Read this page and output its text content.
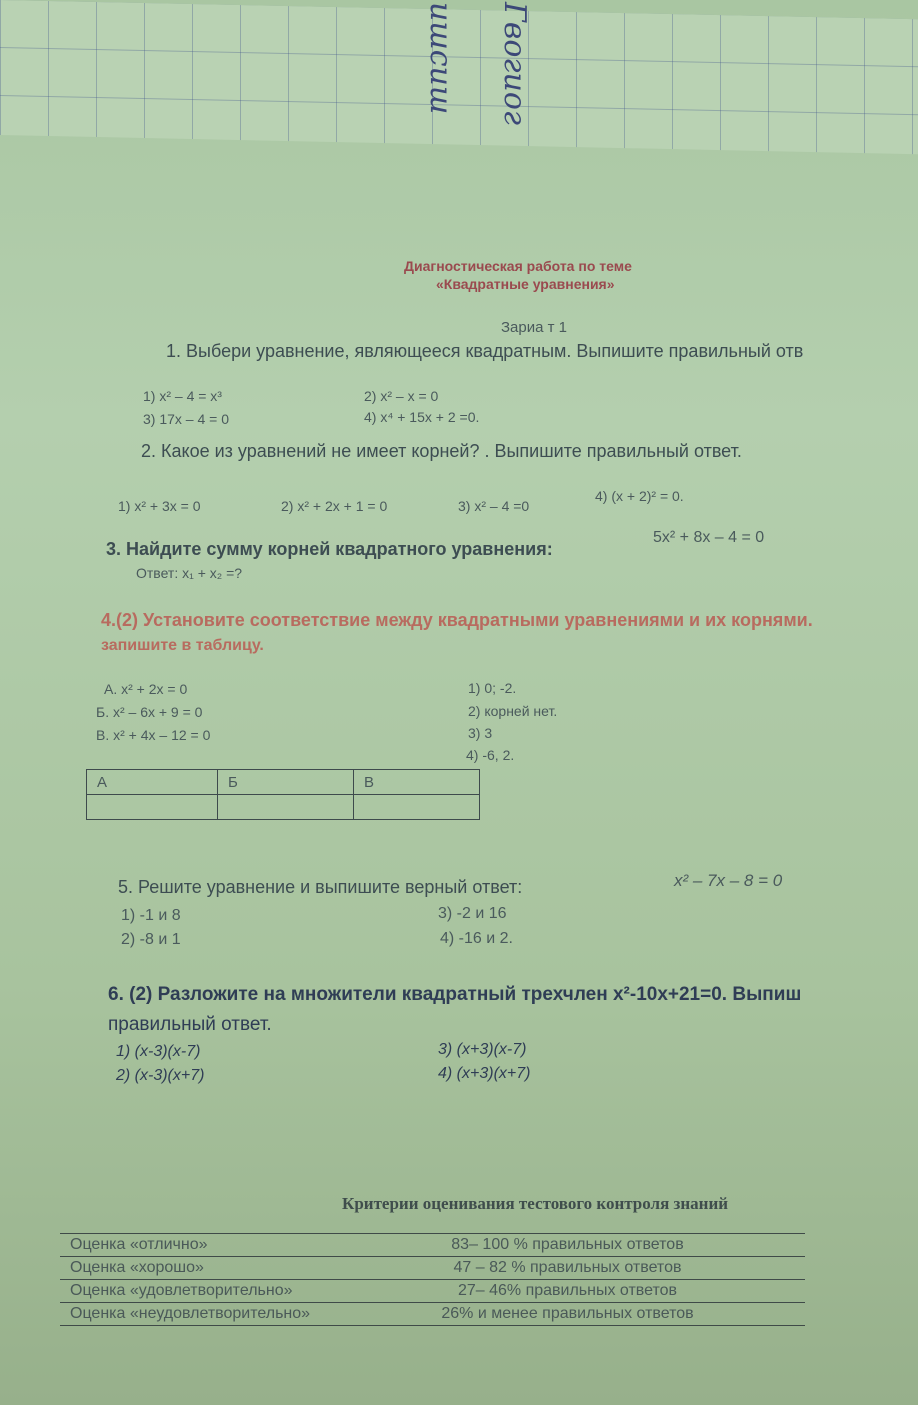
ишсиш Гвогиог
Диагностическая работа по теме
«Квадратные уравнения»
Зариа т 1
1. Выбери уравнение, являющееся квадратным. Выпишите правильный отв
1) x² – 4 = x³	2) x² – x = 0
3) 17x – 4 = 0	4) x⁴ + 15x + 2 =0.
2. Какое из уравнений не имеет корней? . Выпишите правильный ответ.
1) x² + 3x = 0	2) x² + 2x + 1 = 0	3) x² – 4 =0
4) (x + 2)² = 0.
3. Найдите сумму корней квадратного уравнения:
5x² + 8x – 4 = 0
Ответ: x₁ + x₂ =?
4.(2) Установите соответствие между квадратными уравнениями и их корнями.
запишите в таблицу.
A. x² + 2x = 0
Б. x² – 6x + 9 = 0
В. x² + 4x – 12 = 0
1) 0; -2.
2) корней нет.
3) 3
4) -6, 2.
A	Б	В

5. Решите уравнение и выпишите верный ответ:	x² – 7x – 8 = 0
1) -1 и 8
2) -8 и 1
3) -2 и 16
4) -16 и 2.
6. (2) Разложите на множители квадратный трехчлен x²-10x+21=0. Выпиш
правильный ответ.
1) (x-3)(x-7)
2) (x-3)(x+7)
3) (x+3)(x-7)
4) (x+3)(x+7)
Критерии оценивания тестового контроля знаний
Оценка «отлично»	83– 100 % правильных ответов
Оценка «хорошо»	47 – 82 % правильных ответов
Оценка «удовлетворительно»	27– 46% правильных ответов
Оценка «неудовлетворительно»	26% и менее правильных ответов
